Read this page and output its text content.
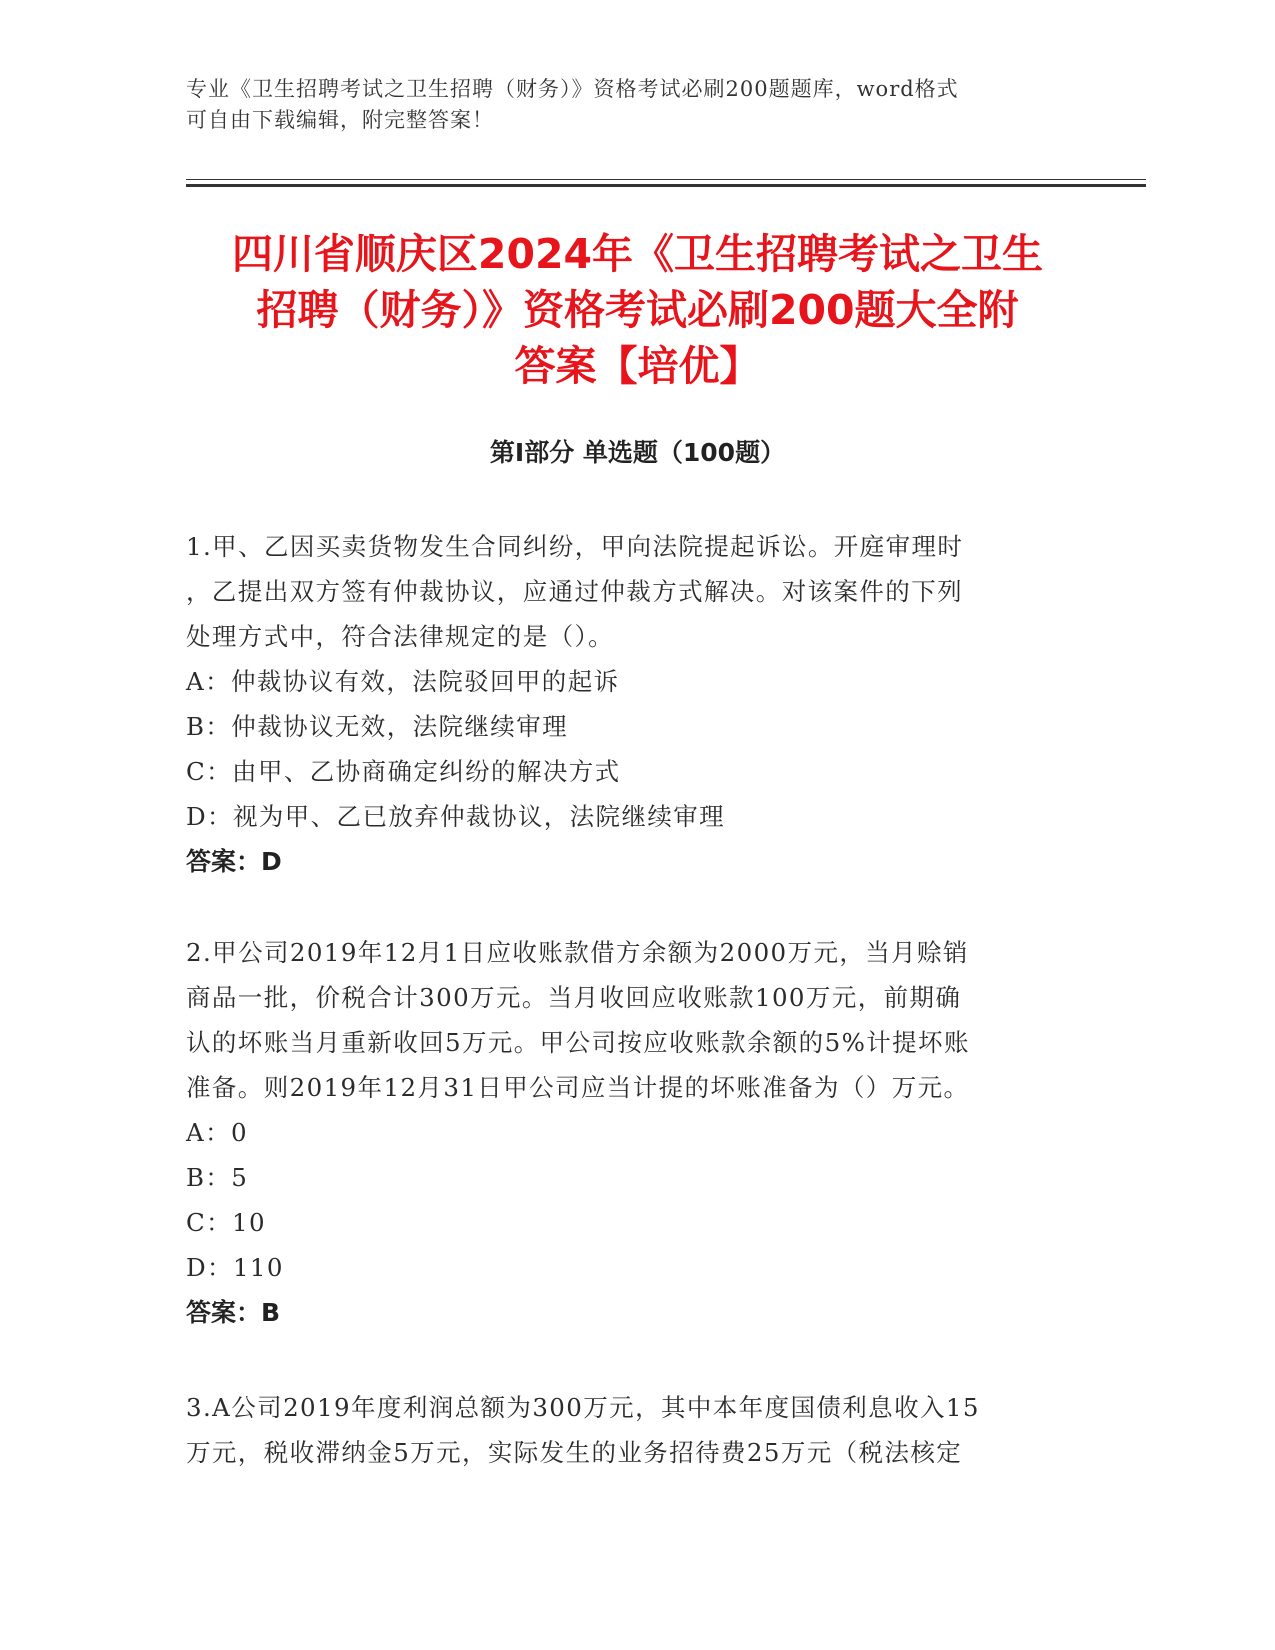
专业《卫生招聘考试之卫生招聘（财务）》资格考试必刷200题题库，word格式
可自由下载编辑，附完整答案！
四川省顺庆区2024年《卫生招聘考试之卫生
招聘（财务）》资格考试必刷200题大全附
答案【培优】
第Ⅰ部分 单选题（100题）
1.甲、乙因买卖货物发生合同纠纷，甲向法院提起诉讼。开庭审理时
，乙提出双方签有仲裁协议，应通过仲裁方式解决。对该案件的下列
处理方式中，符合法律规定的是（）。
A：仲裁协议有效，法院驳回甲的起诉
B：仲裁协议无效，法院继续审理
C：由甲、乙协商确定纠纷的解决方式
D：视为甲、乙已放弃仲裁协议，法院继续审理
答案：D
2.甲公司2019年12月1日应收账款借方余额为2000万元，当月赊销
商品一批，价税合计300万元。当月收回应收账款100万元，前期确
认的坏账当月重新收回5万元。甲公司按应收账款余额的5%计提坏账
准备。则2019年12月31日甲公司应当计提的坏账准备为（）万元。
A：0
B：5
C：10
D：110
答案：B
3.A公司2019年度利润总额为300万元，其中本年度国债利息收入15
万元，税收滞纳金5万元，实际发生的业务招待费25万元（税法核定
